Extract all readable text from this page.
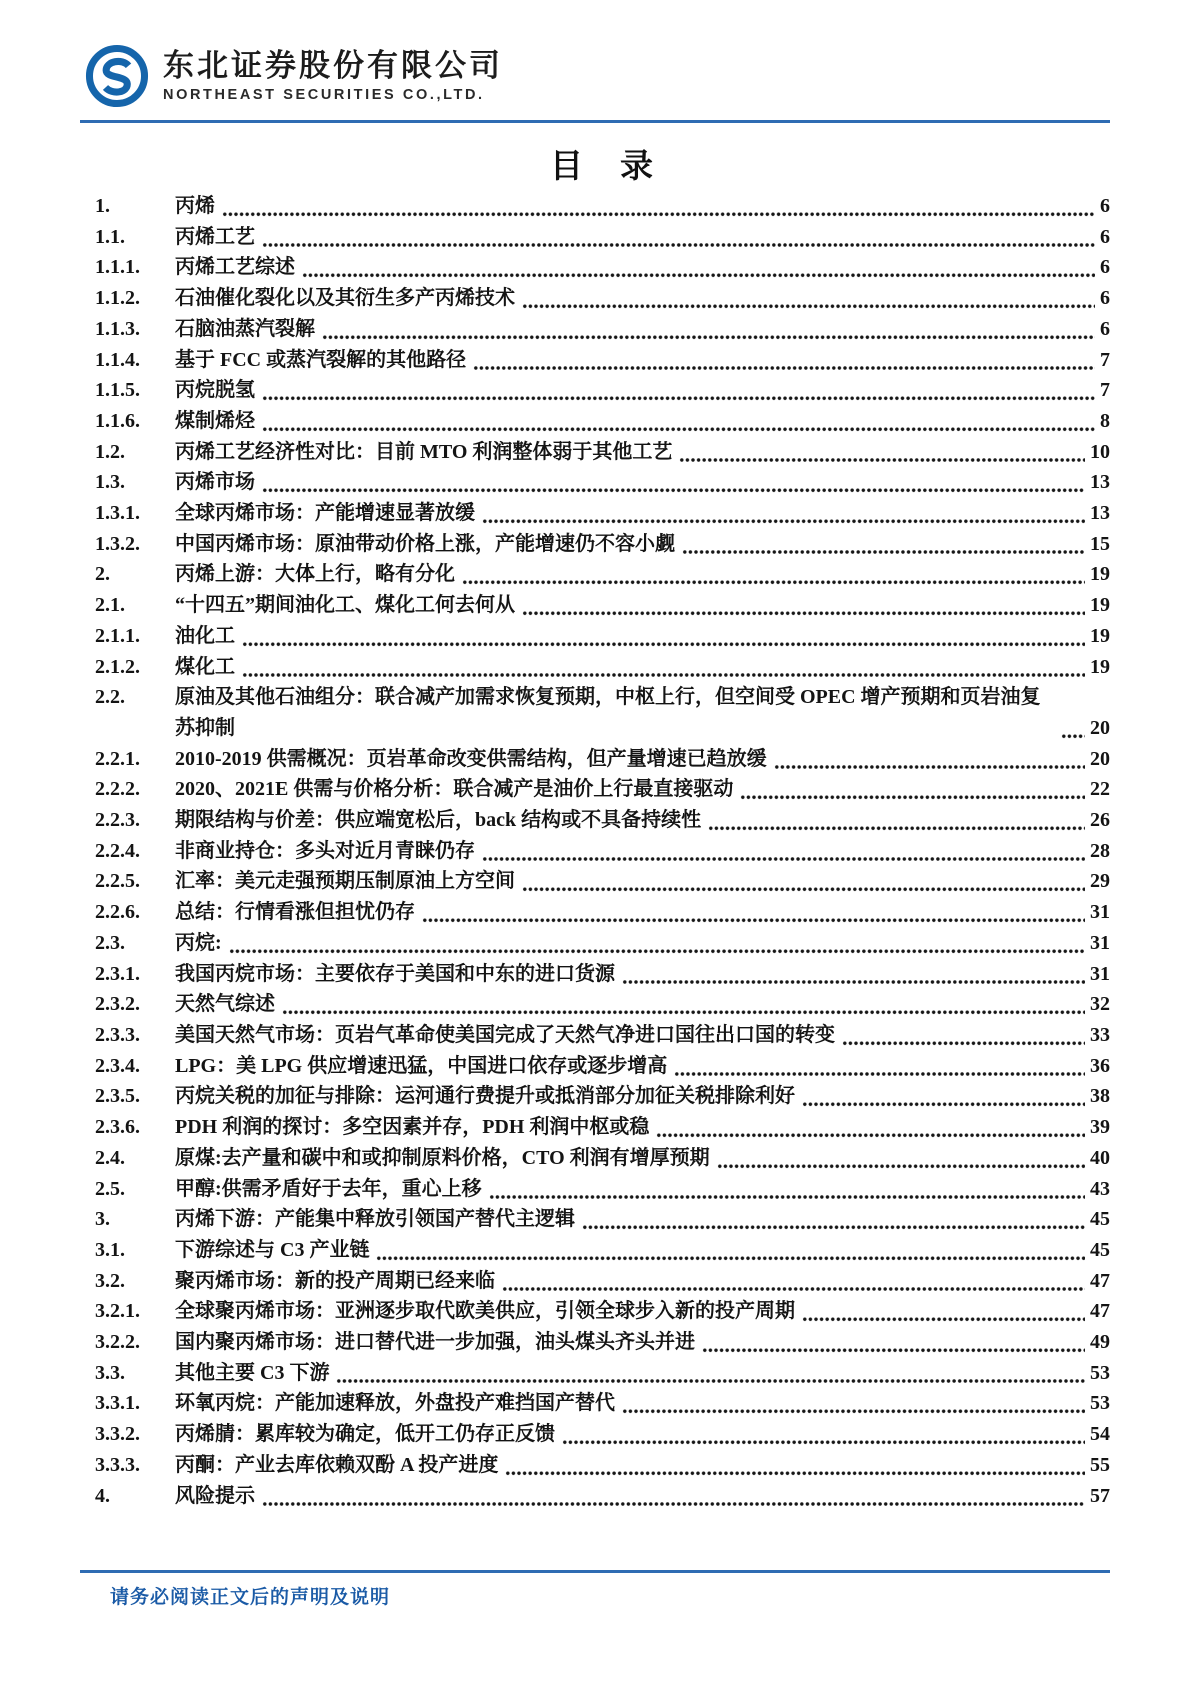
东北证券股份有限公司
NORTHEAST SECURITIES CO.,LTD.
目　录
1.	丙烯	6
1.1.	丙烯工艺	6
1.1.1.	丙烯工艺综述	6
1.1.2.	石油催化裂化以及其衍生多产丙烯技术	6
1.1.3.	石脑油蒸汽裂解	6
1.1.4.	基于 FCC 或蒸汽裂解的其他路径	7
1.1.5.	丙烷脱氢	7
1.1.6.	煤制烯烃	8
1.2.	丙烯工艺经济性对比：目前 MTO 利润整体弱于其他工艺	10
1.3.	丙烯市场	13
1.3.1.	全球丙烯市场：产能增速显著放缓	13
1.3.2.	中国丙烯市场：原油带动价格上涨，产能增速仍不容小觑	15
2.	丙烯上游：大体上行，略有分化	19
2.1.	“十四五”期间油化工、煤化工何去何从	19
2.1.1.	油化工	19
2.1.2.	煤化工	19
2.2.	原油及其他石油组分：联合减产加需求恢复预期，中枢上行，但空间受 OPEC 增产预期和页岩油复苏抑制	20
2.2.1.	2010-2019 供需概况：页岩革命改变供需结构，但产量增速已趋放缓	20
2.2.2.	2020、2021E 供需与价格分析：联合减产是油价上行最直接驱动	22
2.2.3.	期限结构与价差：供应端宽松后，back 结构或不具备持续性	26
2.2.4.	非商业持仓：多头对近月青睐仍存	28
2.2.5.	汇率：美元走强预期压制原油上方空间	29
2.2.6.	总结：行情看涨但担忧仍存	31
2.3.	丙烷:	31
2.3.1.	我国丙烷市场：主要依存于美国和中东的进口货源	31
2.3.2.	天然气综述	32
2.3.3.	美国天然气市场：页岩气革命使美国完成了天然气净进口国往出口国的转变	33
2.3.4.	LPG：美 LPG 供应增速迅猛，中国进口依存或逐步增高	36
2.3.5.	丙烷关税的加征与排除：运河通行费提升或抵消部分加征关税排除利好	38
2.3.6.	PDH 利润的探讨：多空因素并存，PDH 利润中枢或稳	39
2.4.	原煤:去产量和碳中和或抑制原料价格，CTO 利润有增厚预期	40
2.5.	甲醇:供需矛盾好于去年，重心上移	43
3.	丙烯下游：产能集中释放引领国产替代主逻辑	45
3.1.	下游综述与 C3 产业链	45
3.2.	聚丙烯市场：新的投产周期已经来临	47
3.2.1.	全球聚丙烯市场：亚洲逐步取代欧美供应，引领全球步入新的投产周期	47
3.2.2.	国内聚丙烯市场：进口替代进一步加强，油头煤头齐头并进	49
3.3.	其他主要 C3 下游	53
3.3.1.	环氧丙烷：产能加速释放，外盘投产难挡国产替代	53
3.3.2.	丙烯腈：累库较为确定，低开工仍存正反馈	54
3.3.3.	丙酮：产业去库依赖双酚 A 投产进度	55
4.	风险提示	57
请务必阅读正文后的声明及说明
